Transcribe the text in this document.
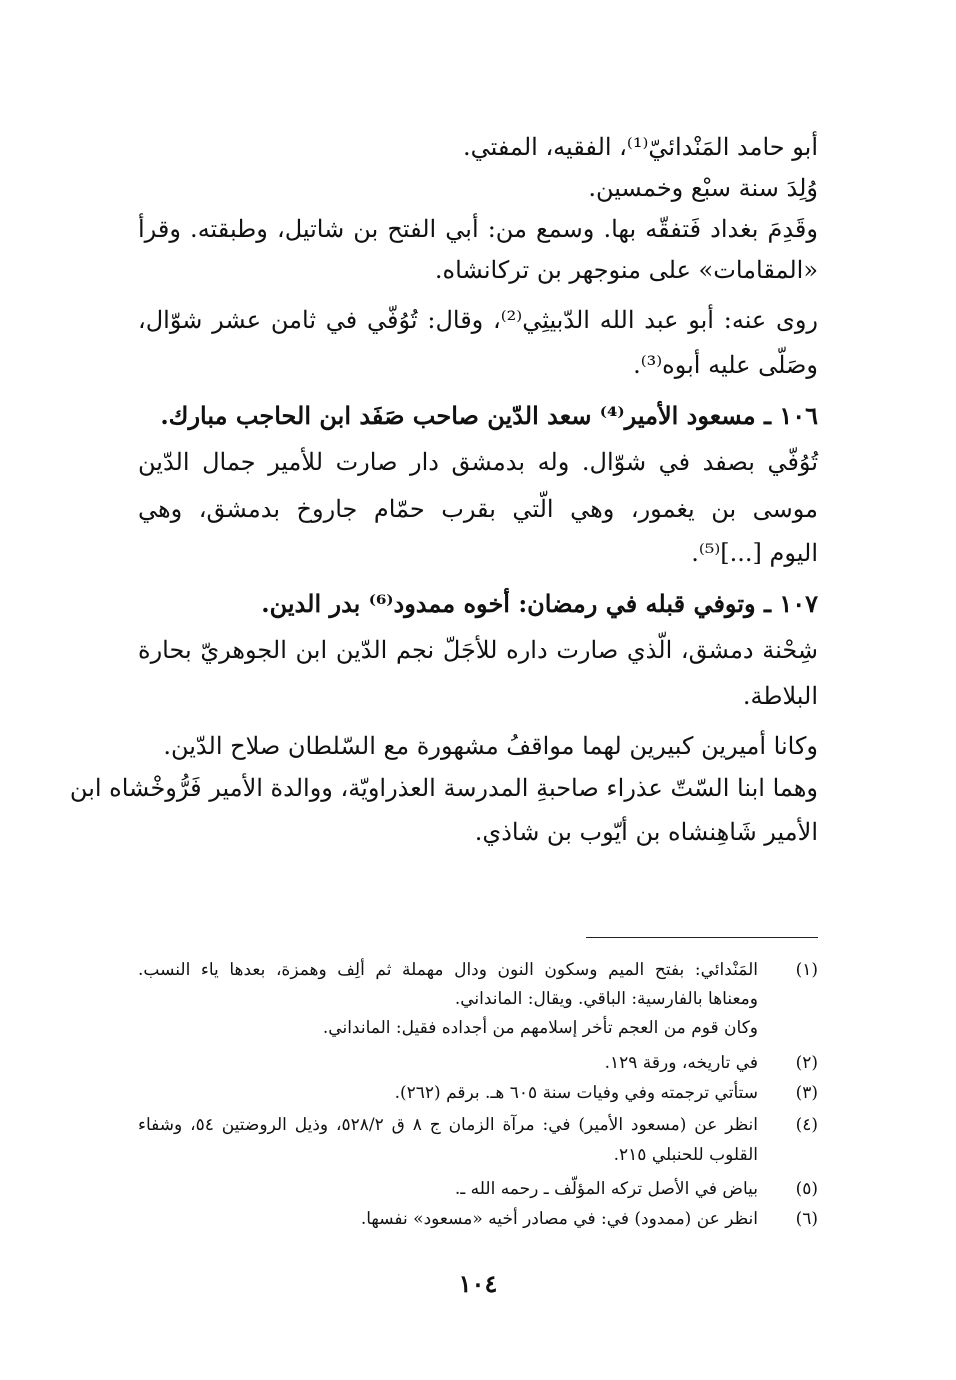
أبو حامد المَنْدائيّ⁽¹⁾، الفقيه، المفتي.
وُلِدَ سنة سبْع وخمسين.
وقَدِمَ بغداد فَتفقّه بها. وسمع من: أبي الفتح بن شاتيل، وطبقته. وقرأ
«المقامات» على منوجهر بن تركانشاه.
روى عنه: أبو عبد الله الدّبيثِي⁽²⁾، وقال: تُوُفّي في ثامن عشر شوّال،
وصَلّى عليه أبوه⁽³⁾.
١٠٦ ـ مسعود الأمير⁽⁴⁾ سعد الدّين صاحب صَفَد ابن الحاجب مبارك.
تُوُفّي بصفد في شوّال. وله بدمشق دار صارت للأمير جمال الدّين
موسى بن يغمور، وهي الّتي بقرب حمّام جاروخ بدمشق، وهي
اليوم [...]⁽⁵⁾.
١٠٧ ـ وتوفي قبله في رمضان: أخوه ممدود⁽⁶⁾ بدر الدين.
شِحْنة دمشق، الّذي صارت داره للأجَلّ نجم الدّين ابن الجوهريّ بحارة
البلاطة.
وكانا أميرين كبيرين لهما مواقفُ مشهورة مع السّلطان صلاح الدّين.
وهما ابنا السّتّ عذراء صاحبةِ المدرسة العذراويّة، ووالدة الأمير فَرُّوخْشاه ابن
الأمير شَاهِنشاه بن أيّوب بن شاذي.
(١)
المَنْدائي: بفتح الميم وسكون النون ودال مهملة ثم ألِف وهمزة، بعدها ياء النسب.
ومعناها بالفارسية: الباقي. ويقال: المانداني.
وكان قوم من العجم تأخر إسلامهم من أجداده فقيل: المانداني.
(٢)
في تاريخه، ورقة ١٢٩.
(٣)
ستأتي ترجمته وفي وفيات سنة ٦٠٥ هـ. برقم (٢٦٢).
(٤)
انظر عن (مسعود الأمير) في: مرآة الزمان ج ٨ ق ٥٢٨/٢، وذيل الروضتين ٥٤، وشفاء
القلوب للحنبلي ٢١٥.
(٥)
بياض في الأصل تركه المؤلّف ـ رحمه الله ـ.
(٦)
انظر عن (ممدود) في: في مصادر أخيه «مسعود» نفسها.
١٠٤
